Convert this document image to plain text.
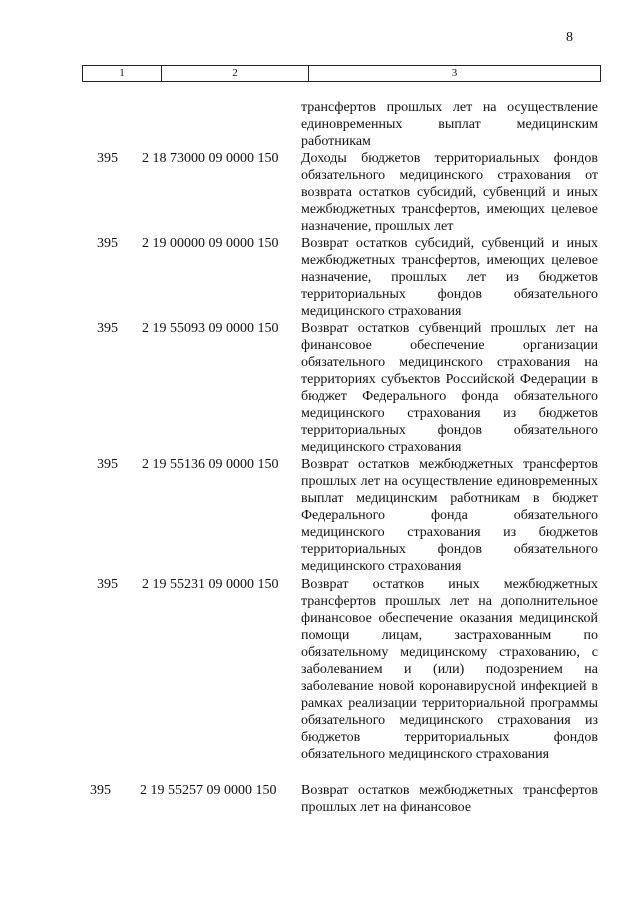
8
1	2	3
трансфертов прошлых лет на осуществление единовременных выплат медицинским работникам
395 2 18 73000 09 0000 150 Доходы бюджетов территориальных фондов обязательного медицинского страхования от возврата остатков субсидий, субвенций и иных межбюджетных трансфертов, имеющих целевое назначение, прошлых лет
395 2 19 00000 09 0000 150 Возврат остатков субсидий, субвенций и иных межбюджетных трансфертов, имеющих целевое назначение, прошлых лет из бюджетов территориальных фондов обязательного медицинского страхования
395 2 19 55093 09 0000 150 Возврат остатков субвенций прошлых лет на финансовое обеспечение организации обязательного медицинского страхования на территориях субъектов Российской Федерации в бюджет Федерального фонда обязательного медицинского страхования из бюджетов территориальных фондов обязательного медицинского страхования
395 2 19 55136 09 0000 150 Возврат остатков межбюджетных трансфертов прошлых лет на осуществление единовременных выплат медицинским работникам в бюджет Федерального фонда обязательного медицинского страхования из бюджетов территориальных фондов обязательного медицинского страхования
395 2 19 55231 09 0000 150 Возврат остатков иных межбюджетных трансфертов прошлых лет на дополнительное финансовое обеспечение оказания медицинской помощи лицам, застрахованным по обязательному медицинскому страхованию, с заболеванием и (или) подозрением на заболевание новой коронавирусной инфекцией в рамках реализации территориальной программы обязательного медицинского страхования из бюджетов территориальных фондов обязательного медицинского страхования
395 2 19 55257 09 0000 150 Возврат остатков межбюджетных трансфертов прошлых лет на финансовое
